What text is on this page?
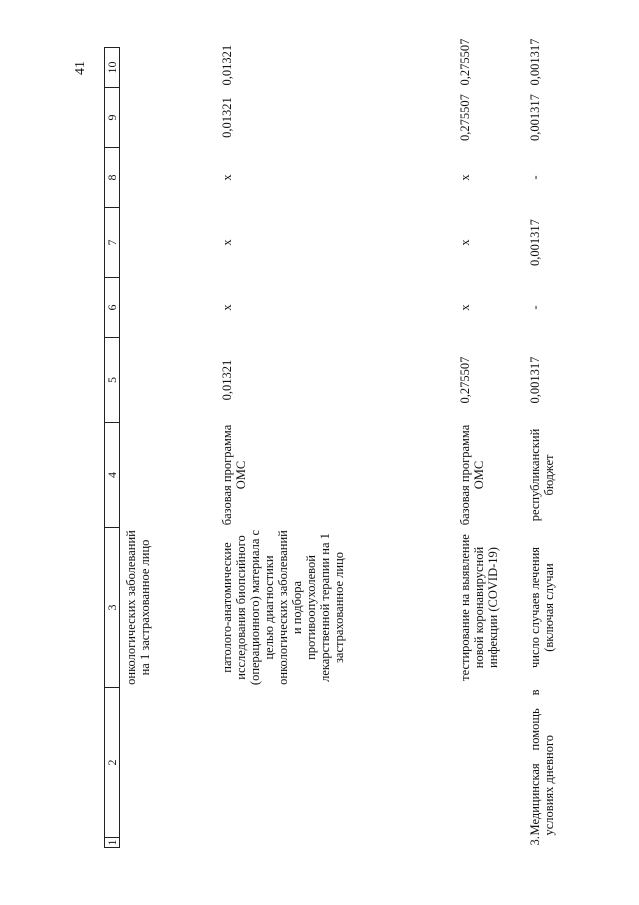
41
1	2	3	4	5	6	7	8	9	10
		онкологических заболеваний на 1 застрахованное лицо							
		патолого-анатомические исследования биопсийного (операционного) материала с целью диагностики онкологических заболеваний и подбора противоопухолевой лекарственной терапии на 1 застрахованное лицо	базовая программа ОМС	0,01321	x	x	x	0,01321	0,01321
		тестирование на выявление новой коронавирусной инфекции (COVID-19)	базовая программа ОМС	0,275507	x	x	x	0,275507	0,275507
3.	Медицинская помощь в условиях дневного	число случаев лечения (включая случаи	республиканский бюджет	0,001317	-	0,001317	-	0,001317	0,001317
